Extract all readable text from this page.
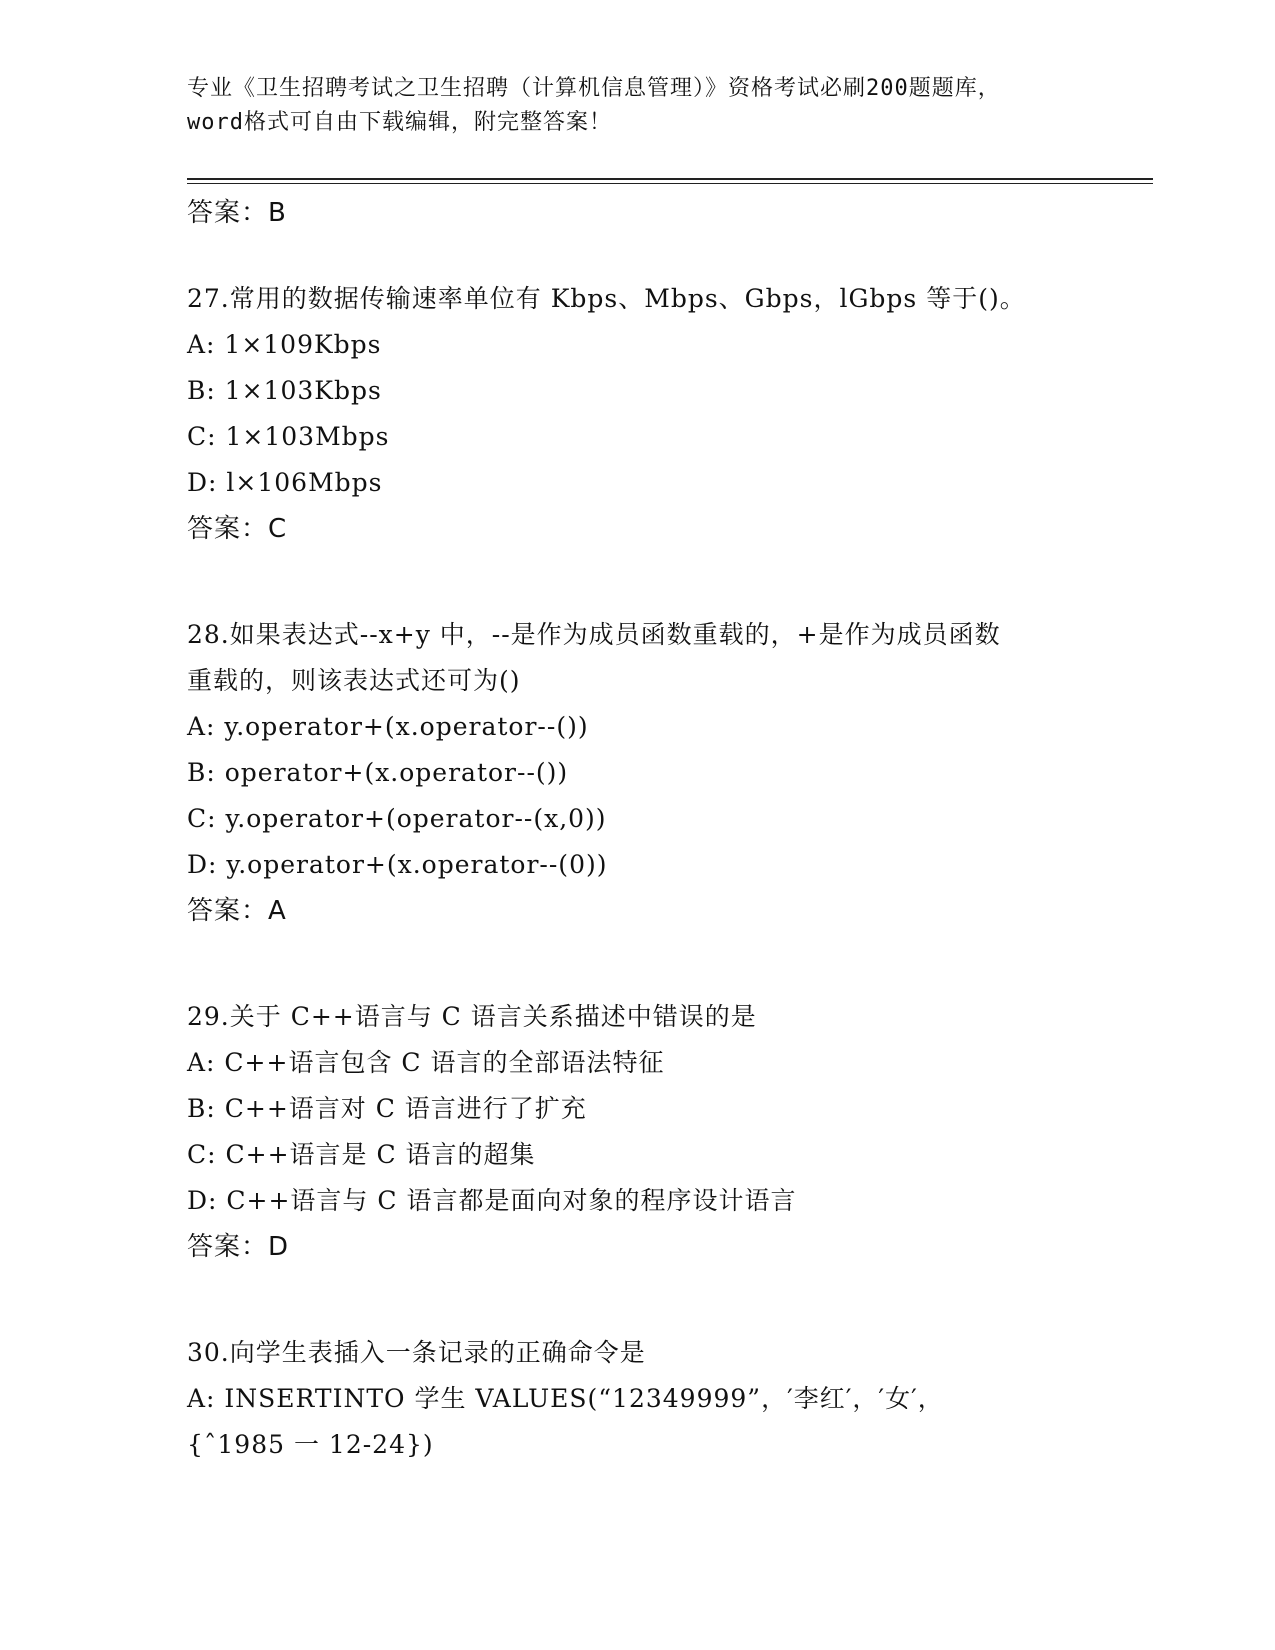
专业《卫生招聘考试之卫生招聘（计算机信息管理）》资格考试必刷200题题库，
word格式可自由下载编辑，附完整答案！
答案：B
27.常用的数据传输速率单位有 Kbps、Mbps、Gbps，lGbps 等于()。
A: 1×109Kbps
B: 1×103Kbps
C: 1×103Mbps
D: l×106Mbps
答案：C
28.如果表达式--x+y 中，--是作为成员函数重载的，+是作为成员函数
重载的，则该表达式还可为()
A: y.operator+(x.operator--())
B: operator+(x.operator--())
C: y.operator+(operator--(x,0))
D: y.operator+(x.operator--(0))
答案：A
29.关于 C++语言与 C 语言关系描述中错误的是
A: C++语言包含 C 语言的全部语法特征
B: C++语言对 C 语言进行了扩充
C: C++语言是 C 语言的超集
D: C++语言与 C 语言都是面向对象的程序设计语言
答案：D
30.向学生表插入一条记录的正确命令是
A: INSERTINTO 学生 VALUES(“12349999”，′李红′，′女′，
{ˆ1985 一 12-24})
